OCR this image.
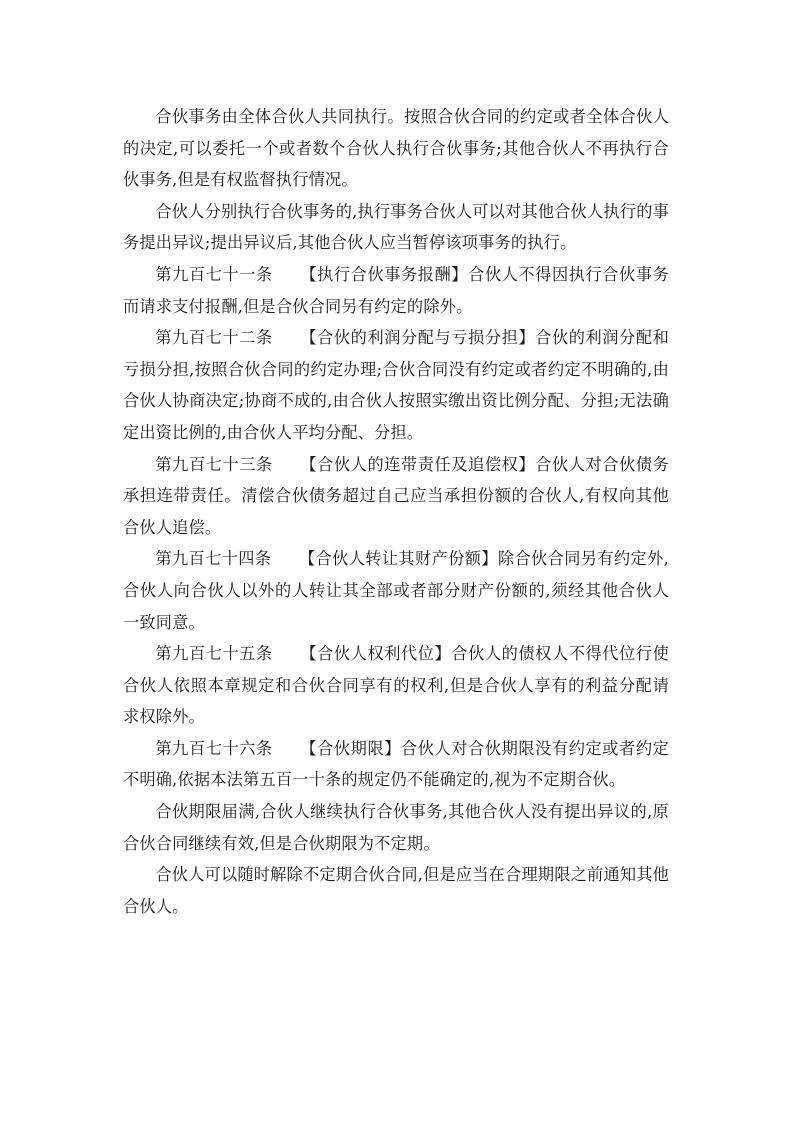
合伙事务由全体合伙人共同执行。按照合伙合同的约定或者全体合伙人的决定,可以委托一个或者数个合伙人执行合伙事务;其他合伙人不再执行合伙事务,但是有权监督执行情况。

合伙人分别执行合伙事务的,执行事务合伙人可以对其他合伙人执行的事务提出异议;提出异议后,其他合伙人应当暂停该项事务的执行。

第九百七十一条 【执行合伙事务报酬】合伙人不得因执行合伙事务而请求支付报酬,但是合伙合同另有约定的除外。

第九百七十二条 【合伙的利润分配与亏损分担】合伙的利润分配和亏损分担,按照合伙合同的约定办理;合伙合同没有约定或者约定不明确的,由合伙人协商决定;协商不成的,由合伙人按照实缴出资比例分配、分担;无法确定出资比例的,由合伙人平均分配、分担。

第九百七十三条 【合伙人的连带责任及追偿权】合伙人对合伙债务承担连带责任。清偿合伙债务超过自己应当承担份额的合伙人,有权向其他合伙人追偿。

第九百七十四条 【合伙人转让其财产份额】除合伙合同另有约定外,合伙人向合伙人以外的人转让其全部或者部分财产份额的,须经其他合伙人一致同意。

第九百七十五条 【合伙人权利代位】合伙人的债权人不得代位行使合伙人依照本章规定和合伙合同享有的权利,但是合伙人享有的利益分配请求权除外。

第九百七十六条 【合伙期限】合伙人对合伙期限没有约定或者约定不明确,依据本法第五百一十条的规定仍不能确定的,视为不定期合伙。

合伙期限届满,合伙人继续执行合伙事务,其他合伙人没有提出异议的,原合伙合同继续有效,但是合伙期限为不定期。

合伙人可以随时解除不定期合伙合同,但是应当在合理期限之前通知其他合伙人。
